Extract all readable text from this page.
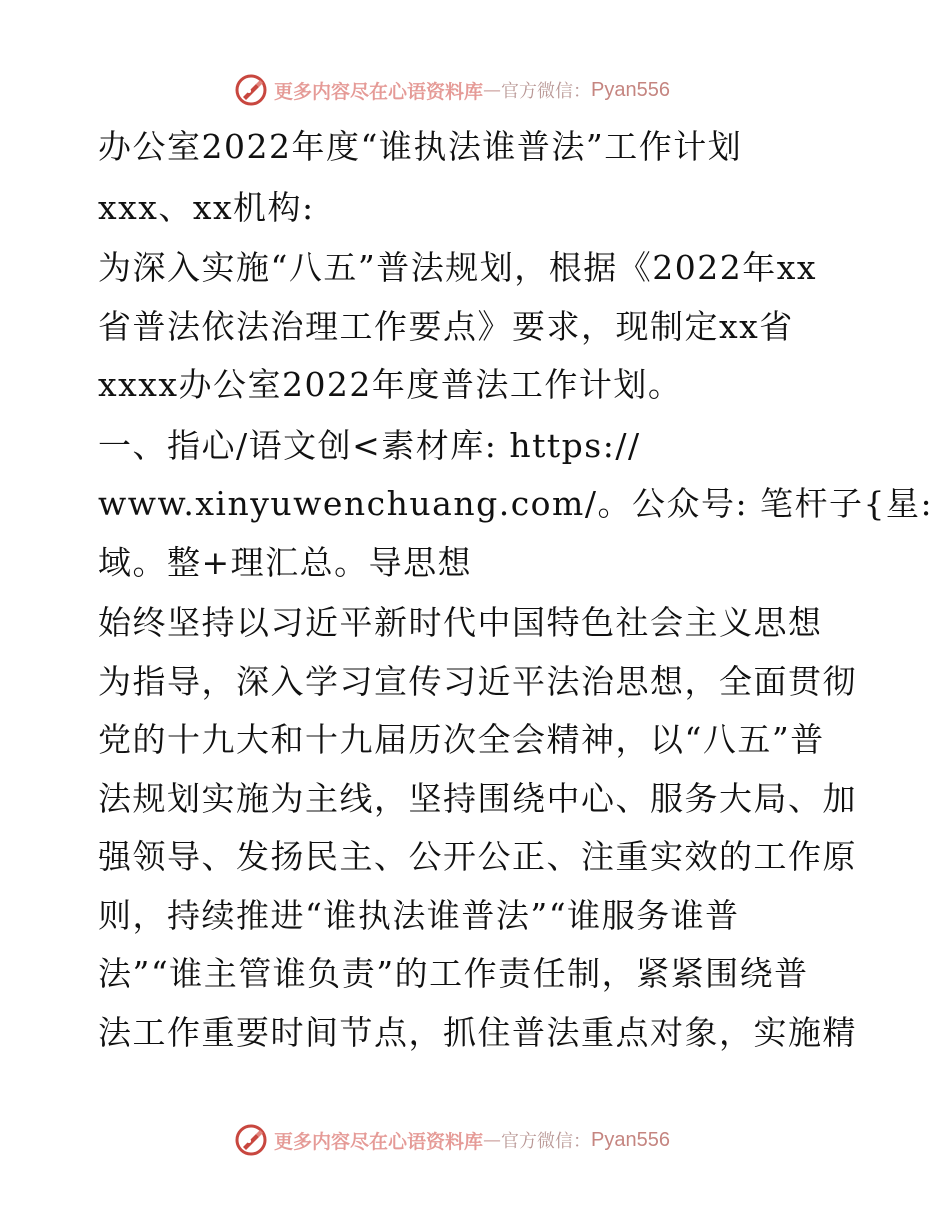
更多内容尽在心语资料库 — 官方微信： Pyan556

办公室2022年度“谁执法谁普法”工作计划

xxx、xx机构:

为深入实施“八五”普法规划，根据《2022年xx

省普法依法治理工作要点》要求，现制定xx省

xxxx办公室2022年度普法工作计划。

一、指心/语文创<素材库: https://

www.xinyuwenchuang.com/。公众号: 笔杆子{星:

域。整+理汇总。导思想

始终坚持以习近平新时代中国特色社会主义思想

为指导，深入学习宣传习近平法治思想，全面贯彻

党的十九大和十九届历次全会精神，以“八五”普

法规划实施为主线，坚持围绕中心、服务大局、加

强领导、发扬民主、公开公正、注重实效的工作原

则，持续推进“谁执法谁普法”“谁服务谁普

法”“谁主管谁负责”的工作责任制，紧紧围绕普

法工作重要时间节点，抓住普法重点对象，实施精

更多内容尽在心语资料库 — 官方微信： Pyan556
